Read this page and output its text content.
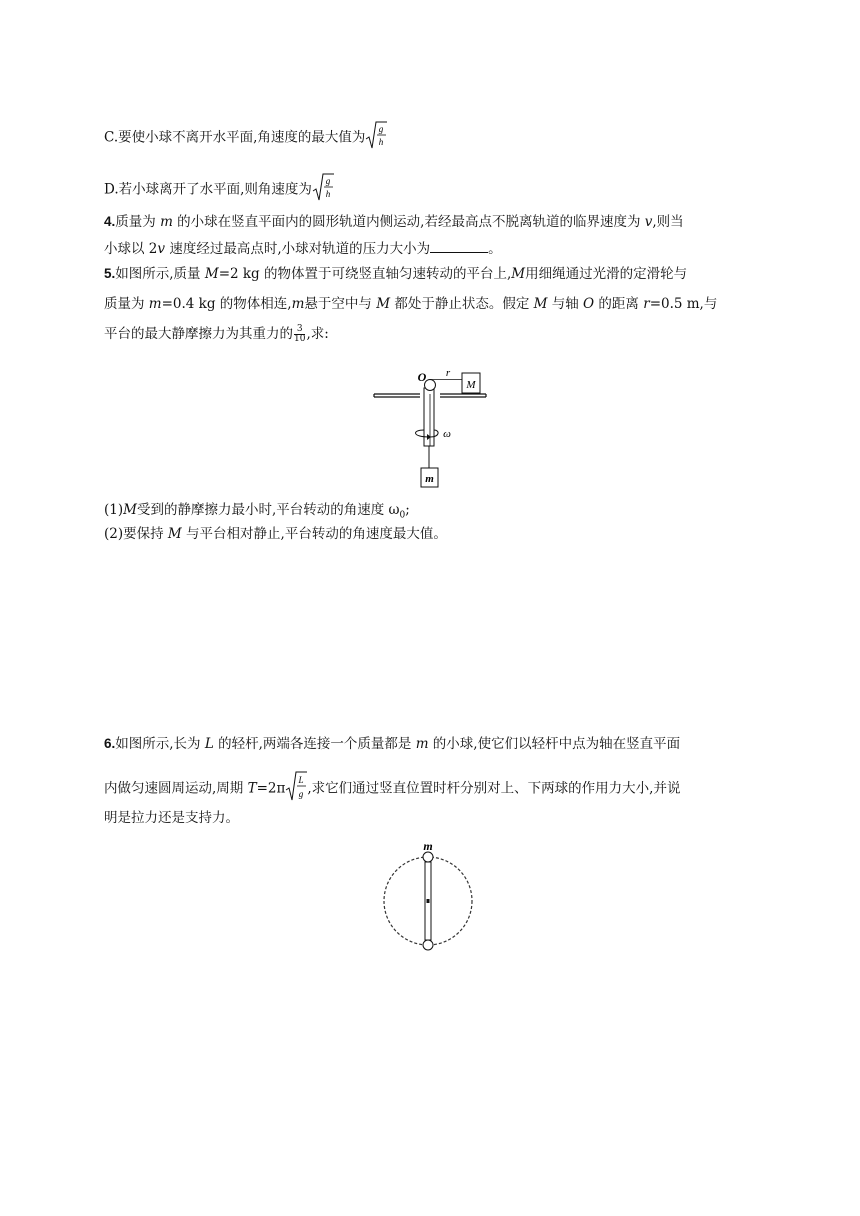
C.要使小球不离开水平面,角速度的最大值为
g
h
D.若小球离开了水平面,则角速度为
g
h
4.质量为 m 的小球在竖直平面内的圆形轨道内侧运动,若经最高点不脱离轨道的临界速度为 v,则当
小球以 2v 速度经过最高点时,小球对轨道的压力大小为	。
5.如图所示,质量 M=2 kg 的物体置于可绕竖直轴匀速转动的平台上,M用细绳通过光滑的定滑轮与
质量为 m=0.4 kg 的物体相连,m悬于空中与 M 都处于静止状态。假定 M 与轴 O 的距离 r=0.5 m,与
平台的最大静摩擦力为其重力的 $\frac{3}{10}$ ,求:
M
O r
ω
m
(1)M受到的静摩擦力最小时,平台转动的角速度 $\omega_0$;
(2)要保持 M 与平台相对静止,平台转动的角速度最大值。
6.如图所示,长为 L 的轻杆,两端各连接一个质量都是 m 的小球,使它们以轻杆中点为轴在竖直平面
内做匀速圆周运动,周期 T=2π
L
g ,求它们通过竖直位置时杆分别对上、下两球的作用力大小,并说
明是拉力还是支持力。
m
